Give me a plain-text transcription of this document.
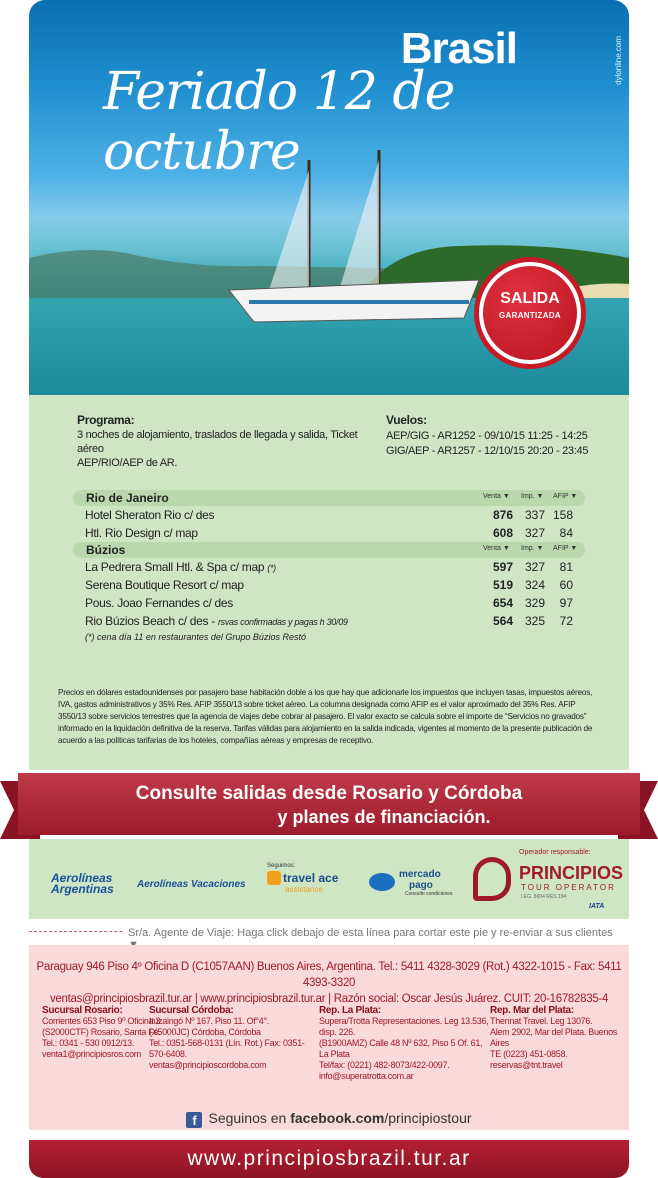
dylonline.com
Brasil
Feriado 12 de octubre
SALIDA
GARANTIZADA
Programa:
3 noches de alojamiento, traslados de llegada y salida, Ticket aéreo
AEP/RIO/AEP de AR.
Vuelos:
AEP/GIG - AR1252 - 09/10/15 11:25 - 14:25
GIG/AEP - AR1257 - 12/10/15 20:20 - 23:45
Rio de Janeiro	Venta ▼ Imp. ▼ AFIP ▼
Hotel Sheraton Rio c/ des	876 337 158
Htl. Rio Design c/ map	608 327	84
Búzios	Venta ▼ Imp. ▼ AFIP ▼
La Pedrera Small Htl. & Spa c/ map (*)	597 327	81
Serena Boutique Resort c/ map	519 324	60
Pous. Joao Fernandes c/ des	654 329	97
Rio Búzios Beach c/ des - rsvas confirmadas y pagas h 30/09	564 325	72
(*) cena día 11 en restaurantes del Grupo Búzios Restó
Precios en dólares estadounidenses por pasajero base habitación doble a los que hay que adicionarle los impuestos que incluyen tasas, impuestos aéreos, IVA, gastos administrativos y 35% Res. AFIP 3550/13 sobre ticket aéreo. La columna designada como AFIP es el valor aproximado del 35% Res. AFIP 3550/13 sobre servicios terrestres que la agencia de viajes debe cobrar al pasajero. El valor exacto se calcula sobre el importe de “Servicios no gravados” informado en la liquidación definitiva de la reserva. Tarifas válidas para alojamiento en la salida indicada, vigentes al momento de la presente publicación de acuerdo a las políticas tarifarias de los hoteles, compañías aéreas y empresas de receptivo.
Consulte salidas desde Rosario y Córdoba
y planes de financiación.
Aerolíneas
Argentinas Aerolíneas Vacaciones
Seguimos:
travel ace
assistance
mercado
pago
Consulte condiciones
Operador responsable:
PRINCIPIOS
TOUR OPERATOR
LEG. 8604 RES.194
IATA
Sr/a. Agente de Viaje: Haga click debajo de esta línea para cortar este pie y re-enviar a sus clientes
Paraguay 946 Piso 4º Oficina D (C1057AAN) Buenos Aires, Argentina. Tel.: 5411 4328-3029 (Rot.) 4322-1015 - Fax: 5411 4393-3320
ventas@principiosbrazil.tur.ar | www.principiosbrazil.tur.ar | Razón social: Oscar Jesús Juárez. CUIT: 20-16782835-4
Sucursal Rosario:
Corrientes 653 Piso 9º Oficina 3.
(S2000CTF) Rosario, Santa Fe.
Tel.: 0341 - 530 0912/13.
venta1@principiosros.com
Sucursal Córdoba:
Ituzaingó Nº 167. Piso 11. Of°4°.
(X5000JC) Córdoba, Córdoba
Tel.: 0351-568-0131 (Lín. Rot.) Fax: 0351-570-6408.
ventas@principioscordoba.com
Rep. La Plata:
Supera/Trotta Representaciones. Leg 13.536, disp. 226.
(B1900AMZ) Calle 48 Nº 632, Piso 5 Of. 61, La Plata
Tel/fax: (0221) 482-8073/422-0097.
info@superatrotta.com.ar
Rep. Mar del Plata:
Thennat Travel. Leg 13076.
Alem 2902, Mar del Plata. Buenos Aires
TE (0223) 451-0858.
reservas@tnt.travel
f Seguinos en facebook.com/principiostour
www.principiosbrazil.tur.ar
